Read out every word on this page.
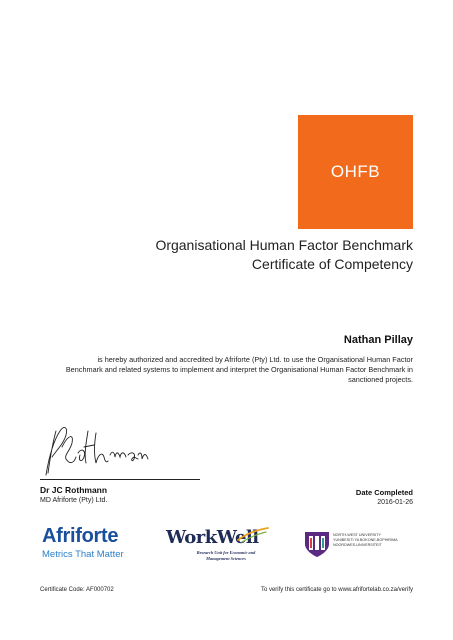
OHFB
Organisational Human Factor Benchmark
Certificate of Competency
Nathan Pillay
is hereby authorized and accredited by Afriforte (Pty) Ltd. to use the Organisational Human Factor
Benchmark and related systems to implement and interpret the Organisational Human Factor Benchmark in
sanctioned projects.
Dr JC Rothmann
MD Afriforte (Pty) Ltd.
Date Completed
2016-01-26
Afriforte
Metrics That Matter
WorkWell
Research Unit for Economic and
Management Sciences
NORTH-WEST UNIVERSITY
YUNIBESITI YA BOKONE-BOPHIRIMA
NOORDWES-UNIVERSITEIT
Certificate Code: AF000702	To verify this certificate go to www.afrifortelab.co.za/verify
